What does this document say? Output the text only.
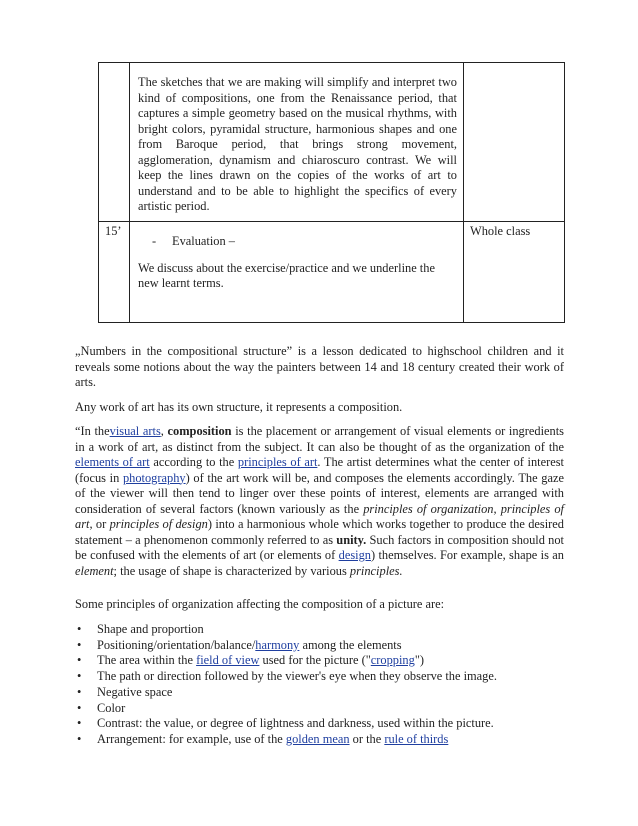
	The sketches that we are making will simplify and interpret two kind of compositions, one from the Renaissance period, that captures a simple geometry based on the musical rhythms, with bright colors, pyramidal structure, harmonious shapes and one from Baroque period, that brings strong movement, agglomeration, dynamism and chiaroscuro contrast. We will keep the lines drawn on the copies of the works of art to understand and to be able to highlight the specifics of every artistic period.	

15’	- Evaluation –
We discuss about the exercise/practice and we underline the new learnt terms.	Whole class

„Numbers in the compositional structure” is a lesson dedicated to highschool children and it reveals some notions about the way the painters between 14 and 18 century created their work of arts.

Any work of art has its own structure, it represents a composition.

“In thevisual arts, composition is the placement or arrangement of visual elements or ingredients in a work of art, as distinct from the subject. It can also be thought of as the organization of the elements of art according to the principles of art. The artist determines what the center of interest (focus in photography) of the art work will be, and composes the elements accordingly. The gaze of the viewer will then tend to linger over these points of interest, elements are arranged with consideration of several factors (known variously as the principles of organization, principles of art, or principles of design) into a harmonious whole which works together to produce the desired statement – a phenomenon commonly referred to as unity. Such factors in composition should not be confused with the elements of art (or elements of design) themselves. For example, shape is an element; the usage of shape is characterized by various principles.

Some principles of organization affecting the composition of a picture are:

• Shape and proportion
• Positioning/orientation/balance/harmony among the elements
• The area within the field of view used for the picture ("cropping")
• The path or direction followed by the viewer's eye when they observe the image.
• Negative space
• Color
• Contrast: the value, or degree of lightness and darkness, used within the picture.
• Arrangement: for example, use of the golden mean or the rule of thirds
